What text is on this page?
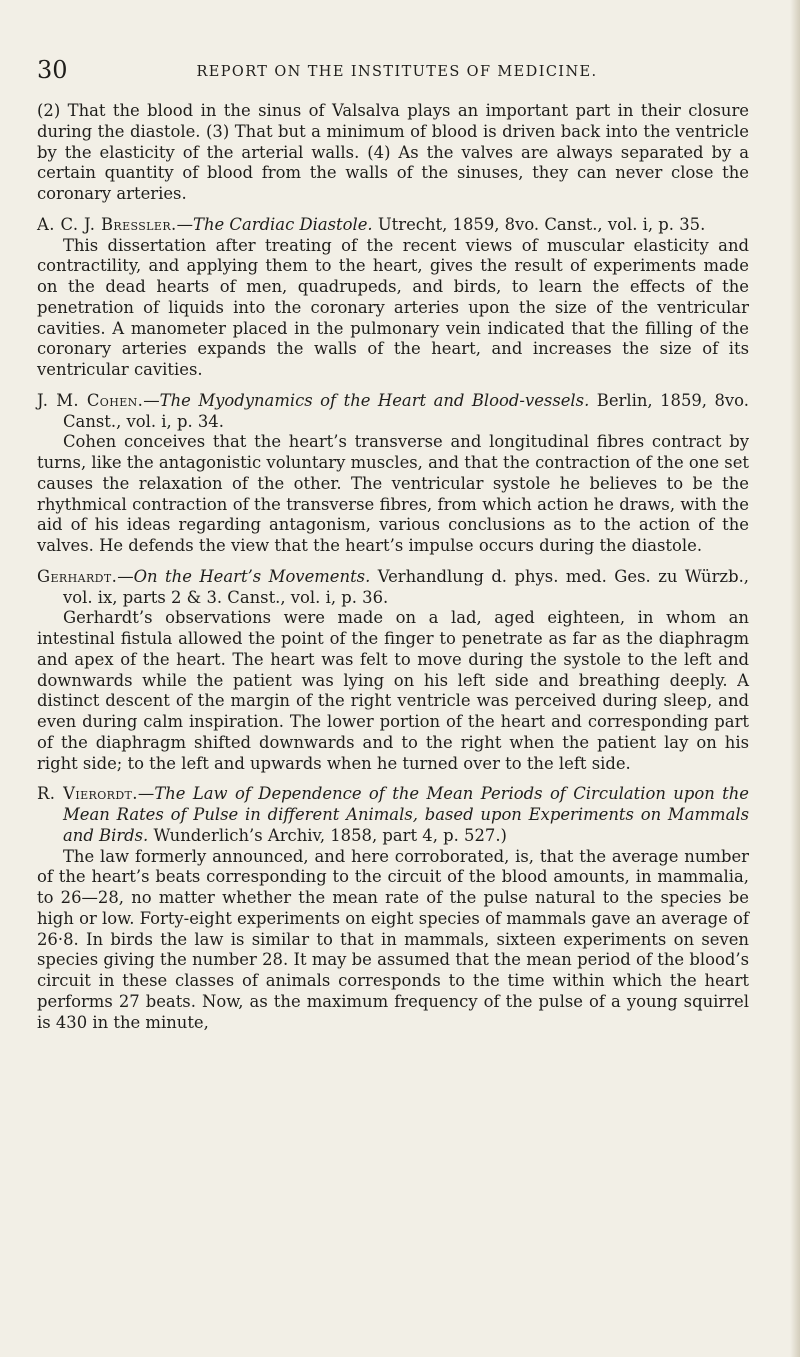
30	REPORT ON THE INSTITUTES OF MEDICINE.

(2) That the blood in the sinus of Valsalva plays an important part in their closure during the diastole. (3) That but a minimum of blood is driven back into the ventricle by the elasticity of the arterial walls. (4) As the valves are always separated by a certain quantity of blood from the walls of the sinuses, they can never close the coronary arteries.

A. C. J. Bressler.—The Cardiac Diastole. Utrecht, 1859, 8vo. Canst., vol. i, p. 35.

This dissertation after treating of the recent views of muscular elasticity and contractility, and applying them to the heart, gives the result of experiments made on the dead hearts of men, quadrupeds, and birds, to learn the effects of the penetration of liquids into the coronary arteries upon the size of the ventricular cavities. A manometer placed in the pulmonary vein indicated that the filling of the coronary arteries expands the walls of the heart, and increases the size of its ventricular cavities.

J. M. Cohen.—The Myodynamics of the Heart and Blood-vessels. Berlin, 1859, 8vo. Canst., vol. i, p. 34.

Cohen conceives that the heart’s transverse and longitudinal fibres contract by turns, like the antagonistic voluntary muscles, and that the contraction of the one set causes the relaxation of the other. The ventricular systole he believes to be the rhythmical contraction of the transverse fibres, from which action he draws, with the aid of his ideas regarding antagonism, various conclusions as to the action of the valves. He defends the view that the heart’s impulse occurs during the diastole.

Gerhardt.—On the Heart’s Movements. Verhandlung d. phys. med. Ges. zu Würzb., vol. ix, parts 2 & 3. Canst., vol. i, p. 36.

Gerhardt’s observations were made on a lad, aged eighteen, in whom an intestinal fistula allowed the point of the finger to penetrate as far as the diaphragm and apex of the heart. The heart was felt to move during the systole to the left and downwards while the patient was lying on his left side and breathing deeply. A distinct descent of the margin of the right ventricle was perceived during sleep, and even during calm inspiration. The lower portion of the heart and corresponding part of the diaphragm shifted downwards and to the right when the patient lay on his right side; to the left and upwards when he turned over to the left side.

R. Vierordt.—The Law of Dependence of the Mean Periods of Circulation upon the Mean Rates of Pulse in different Animals, based upon Experiments on Mammals and Birds. Wunderlich’s Archiv, 1858, part 4, p. 527.)

The law formerly announced, and here corroborated, is, that the average number of the heart’s beats corresponding to the circuit of the blood amounts, in mammalia, to 26—28, no matter whether the mean rate of the pulse natural to the species be high or low. Forty-eight experiments on eight species of mammals gave an average of 26·8. In birds the law is similar to that in mammals, sixteen experiments on seven species giving the number 28. It may be assumed that the mean period of the blood’s circuit in these classes of animals corresponds to the time within which the heart performs 27 beats. Now, as the maximum frequency of the pulse of a young squirrel is 430 in the minute,
